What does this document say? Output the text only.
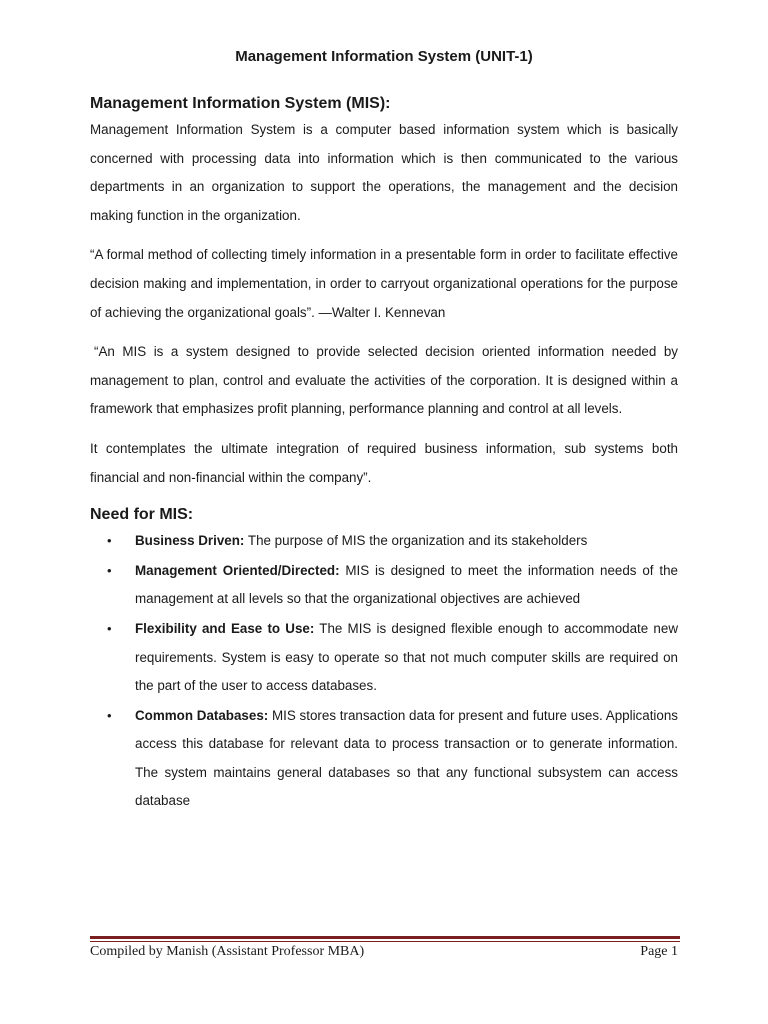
Management Information System (UNIT-1)
Management Information System (MIS):

Management Information System is a computer based information system which is basically concerned with processing data into information which is then communicated to the various departments in an organization to support the operations, the management and the decision making function in the organization.

“A formal method of collecting timely information in a presentable form in order to facilitate effective decision making and implementation, in order to carryout organizational operations for the purpose of achieving the organizational goals”. —Walter I. Kennevan

“An MIS is a system designed to provide selected decision oriented information needed by management to plan, control and evaluate the activities of the corporation. It is designed within a framework that emphasizes profit planning, performance planning and control at all levels.

It contemplates the ultimate integration of required business information, sub systems both financial and non-financial within the company”.

Need for MIS:
• Business Driven: The purpose of MIS the organization and its stakeholders
• Management Oriented/Directed: MIS is designed to meet the information needs of the management at all levels so that the organizational objectives are achieved
• Flexibility and Ease to Use: The MIS is designed flexible enough to accommodate new requirements. System is easy to operate so that not much computer skills are required on the part of the user to access databases.
• Common Databases: MIS stores transaction data for present and future uses. Applications access this database for relevant data to process transaction or to generate information. The system maintains general databases so that any functional subsystem can access database
Compiled by Manish (Assistant Professor MBA)	Page 1
